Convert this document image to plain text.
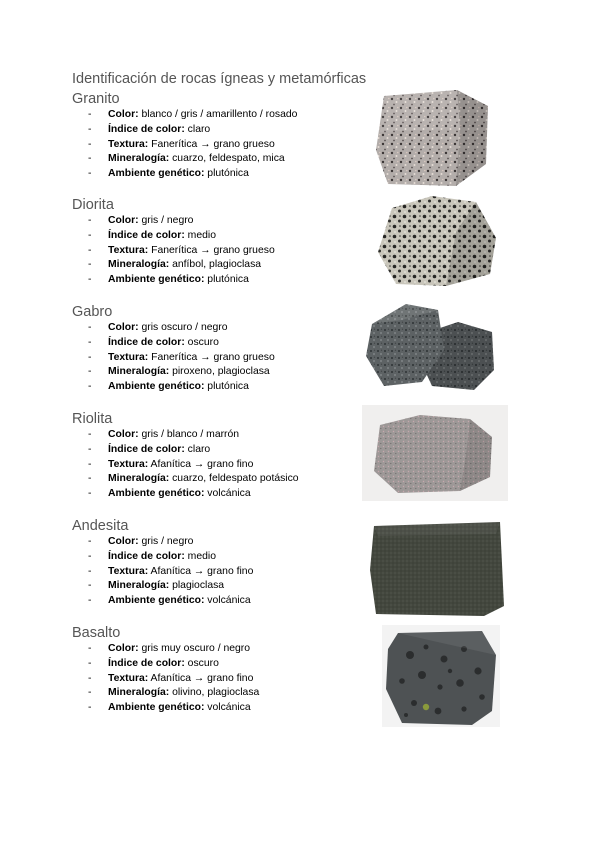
Identificación de rocas ígneas y metamórficas
Granito
- Color: blanco / gris / amarillento / rosado
- Índice de color: claro
- Textura: Fanerítica → grano grueso
- Mineralogía: cuarzo, feldespato, mica
- Ambiente genético: plutónica
Diorita
- Color: gris / negro
- Índice de color: medio
- Textura: Fanerítica → grano grueso
- Mineralogía: anfíbol, plagioclasa
- Ambiente genético: plutónica
Gabro
- Color: gris oscuro / negro
- Índice de color: oscuro
- Textura: Fanerítica → grano grueso
- Mineralogía: piroxeno, plagioclasa
- Ambiente genético: plutónica
Riolita
- Color: gris / blanco / marrón
- Índice de color: claro
- Textura: Afanítica → grano fino
- Mineralogía: cuarzo, feldespato potásico
- Ambiente genético: volcánica
Andesita
- Color: gris / negro
- Índice de color: medio
- Textura: Afanítica → grano fino
- Mineralogía: plagioclasa
- Ambiente genético: volcánica
Basalto
- Color: gris muy oscuro / negro
- Índice de color: oscuro
- Textura: Afanítica → grano fino
- Mineralogía: olivino, plagioclasa
- Ambiente genético: volcánica
